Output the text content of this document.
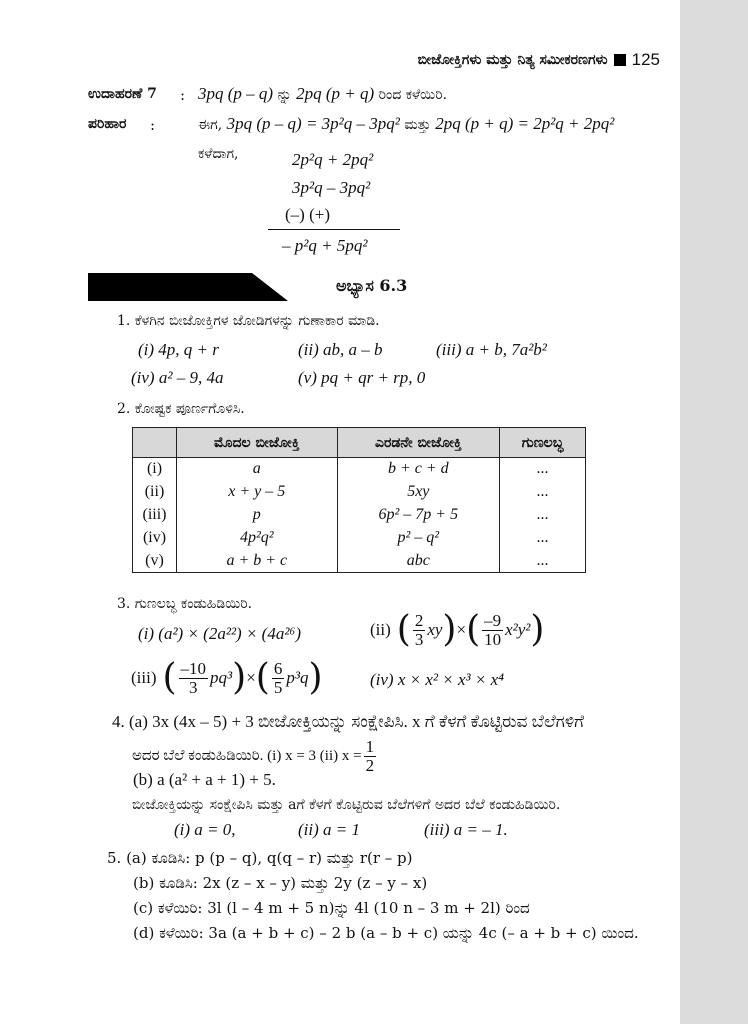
ಬೀಜೋಕ್ತಿಗಳು ಮತ್ತು ನಿತ್ಯ ಸಮೀಕರಣಗಳು 125
ಉದಾಹರಣೆ 7 : 3pq (p – q) ನ್ನು 2pq (p + q) ರಿಂದ ಕಳೆಯಿರಿ.
ಪರಿಹಾರ :	ಈಗ, 3pq (p – q) = 3p²q – 3pq² ಮತ್ತು 2pq (p + q) = 2p²q + 2pq²
ಕಳೆದಾಗ,	2p²q + 2pq²
3p²q – 3pq²
(–) (+)
– p²q + 5pq²
ಅಭ್ಯಾಸ 6.3
1. ಕೆಳಗಿನ ಬೀಜೋಕ್ತಿಗಳ ಜೋಡಿಗಳನ್ನು ಗುಣಾಕಾರ ಮಾಡಿ.
(i) 4p, q + r	(ii) ab, a – b	(iii) a + b, 7a²b²
(iv) a² – 9, 4a	(v) pq + qr + rp, 0
2. ಕೋಷ್ಟಕ ಪೂರ್ಣಗೊಳಿಸಿ.
	ಮೊದಲ ಬೀಜೋಕ್ತಿ	ಎರಡನೇ ಬೀಜೋಕ್ತಿ	ಗುಣಲಬ್ಧ
(i)	a	b + c + d	...
(ii)	x + y – 5	5xy	...
(iii)	p	6p² – 7p + 5	...
(iv)	4p²q²	p² – q²	...
(v)	a + b + c	abc	...
3. ಗುಣಲಬ್ಧ ಕಂಡುಹಿಡಿಯಿರಿ.
(i) (a²) × (2a²²) × (4a²⁶)	(ii) ( $\frac{2}{3}$ xy ) × ( $\frac{-9}{10} x^2y^2$ )
(iii) ( $\frac{-10}{3} pq^3$ ) × ( $\frac{6}{5} p^3q$ )	(iv) x × x² × x³ × x⁴
4. (a) 3x (4x – 5) + 3 ಬೀಜೋಕ್ತಿಯನ್ನು ಸಂಕ್ಷೇಪಿಸಿ. x ಗೆ ಕೆಳಗೆ ಕೊಟ್ಟಿರುವ ಬೆಲೆಗಳಿಗೆ
ಅದರ ಬೆಲೆ ಕಂಡುಹಿಡಿಯಿರಿ. (i) x = 3 (ii) $x = \frac{1}{2}$
(b) a (a² + a + 1) + 5.
ಬೀಜೋಕ್ತಿಯನ್ನು ಸಂಕ್ಷೇಪಿಸಿ ಮತ್ತು aಗೆ ಕೆಳಗೆ ಕೊಟ್ಟಿರುವ ಬೆಲೆಗಳಿಗೆ ಅದರ ಬೆಲೆ ಕಂಡುಹಿಡಿಯಿರಿ.
(i) a = 0,	(ii) a = 1	(iii) a = – 1.
5. (a) ಕೂಡಿಸಿ: p (p – q), q(q – r) ಮತ್ತು r(r – p)
(b) ಕೂಡಿಸಿ: 2x (z – x – y) ಮತ್ತು 2y (z – y – x)
(c) ಕಳೆಯಿರಿ: 3l (l – 4 m + 5 n)ನ್ನು 4l (10 n – 3 m + 2l) ರಿಂದ
(d) ಕಳೆಯಿರಿ: 3a (a + b + c) – 2 b (a – b + c) ಯನ್ನು 4c (– a + b + c) ಯಿಂದ.
